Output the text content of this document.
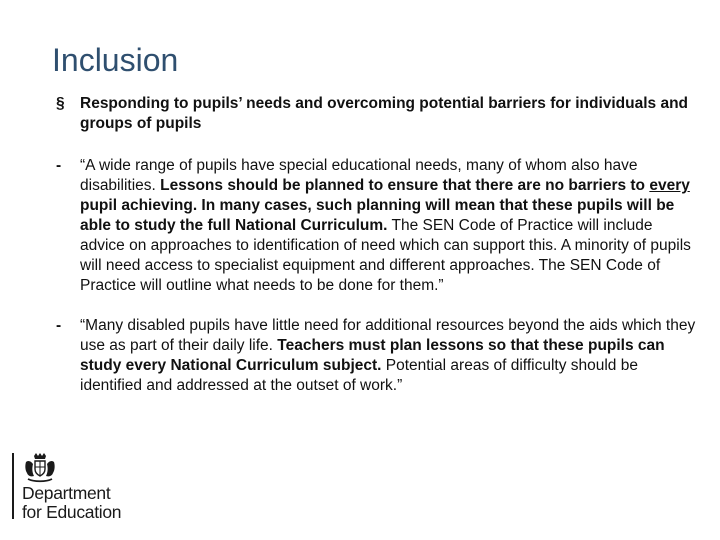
Inclusion
§ Responding to pupils’ needs and overcoming potential barriers for individuals and groups of pupils
-	“A wide range of pupils have special educational needs, many of whom also have disabilities. Lessons should be planned to ensure that there are no barriers to every pupil achieving. In many cases, such planning will mean that these pupils will be able to study the full National Curriculum. The SEN Code of Practice will include advice on approaches to identification of need which can support this. A minority of pupils will need access to specialist equipment and different approaches. The SEN Code of Practice will outline what needs to be done for them.”
-	“Many disabled pupils have little need for additional resources beyond the aids which they use as part of their daily life. Teachers must plan lessons so that these pupils can study every National Curriculum subject. Potential areas of difficulty should be identified and addressed at the outset of work.”
Department
for Education
